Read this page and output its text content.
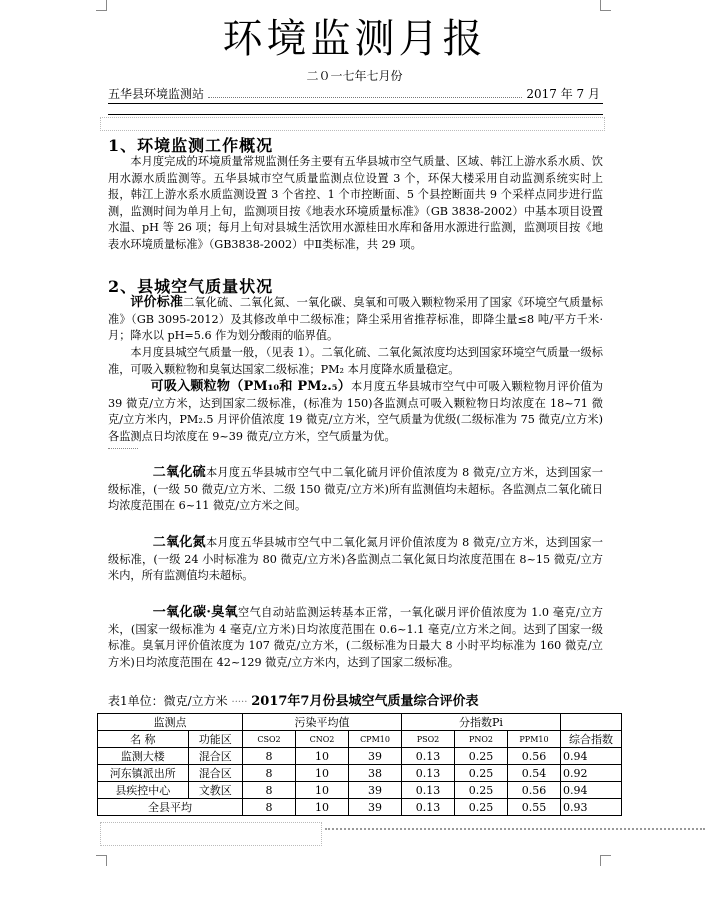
环境监测月报
二０一七年七月份
五华县环境监测站	2017 年 7 月
1、环境监测工作概况
本月度完成的环境质量常规监测任务主要有五华县城市空气质量、区域、韩江上游水系水质、饮用水源水质监测等。五华县城市空气质量监测点位设置 3 个，环保大楼采用自动监测系统实时上报，韩江上游水系水质监测设置 3 个省控、1 个市控断面、5 个县控断面共 9 个采样点同步进行监测，监测时间为单月上旬，监测项目按《地表水环境质量标准》（GB 3838-2002）中基本项目设置水温、pH 等 26 项；每月上旬对县城生活饮用水源桂田水库和备用水源进行监测，监测项目按《地表水环境质量标准》（GB3838-2002）中Ⅱ类标准，共 29 项。
2、县城空气质量状况
评价标准二氧化硫、二氧化氮、一氧化碳、臭氧和可吸入颗粒物采用了国家《环境空气质量标准》（GB 3095-2012）及其修改单中二级标准；降尘采用省推荐标准，即降尘量≤8 吨/平方千米·月；降水以 pH=5.6 作为划分酸雨的临界值。
本月度县城空气质量一般，（见表 1）。二氧化硫、二氧化氮浓度均达到国家环境空气质量一级标准，可吸入颗粒物和臭氧达国家二级标准；PM₂ 本月度降水质量稳定。
可吸入颗粒物（PM₁₀和 PM₂.₅）本月度五华县城市空气中可吸入颗粒物月评价值为 39 微克/立方米，达到国家二级标准，(标准为 150)各监测点可吸入颗粒物日均浓度在 18~71 微克/立方米内，PM₂.5 月评价值浓度 19 微克/立方米，空气质量为优级(二级标准为 75 微克/立方米)各监测点日均浓度在 9~39 微克/立方米，空气质量为优。
二氧化硫本月度五华县城市空气中二氧化硫月评价值浓度为 8 微克/立方米，达到国家一级标准，(一级 50 微克/立方米、二级 150 微克/立方米)所有监测值均未超标。各监测点二氧化硫日均浓度范围在 6~11 微克/立方米之间。
二氧化氮本月度五华县城市空气中二氧化氮月评价值浓度为 8 微克/立方米，达到国家一级标准，(一级 24 小时标准为 80 微克/立方米)各监测点二氧化氮日均浓度范围在 8~15 微克/立方米内，所有监测值均未超标。
一氧化碳·臭氧空气自动站监测运转基本正常，一氧化碳月评价值浓度为 1.0 毫克/立方米，(国家一级标准为 4 毫克/立方米)日均浓度范围在 0.6~1.1 毫克/立方米之间。达到了国家一级标准。臭氧月评价值浓度为 107 微克/立方米，(二级标准为日最大 8 小时平均标准为 160 微克/立方米)日均浓度范围在 42~129 微克/立方米内，达到了国家二级标准。
表1单位：微克/立方米 ····· 2017年7月份县城空气质量综合评价表
监测点		污染平均值			分指数Pi			
名 称	功能区	CSO2	CNO2	CPM10	PSO2	PNO2	PPM10	综合指数
监测大楼	混合区	8	10	39	0.13	0.25	0.56	0.94
河东镇派出所	混合区	8	10	38	0.13	0.25	0.54	0.92
县疾控中心	文教区	8	10	39	0.13	0.25	0.56	0.94
全县平均		8	10	39	0.13	0.25	0.55	0.93
